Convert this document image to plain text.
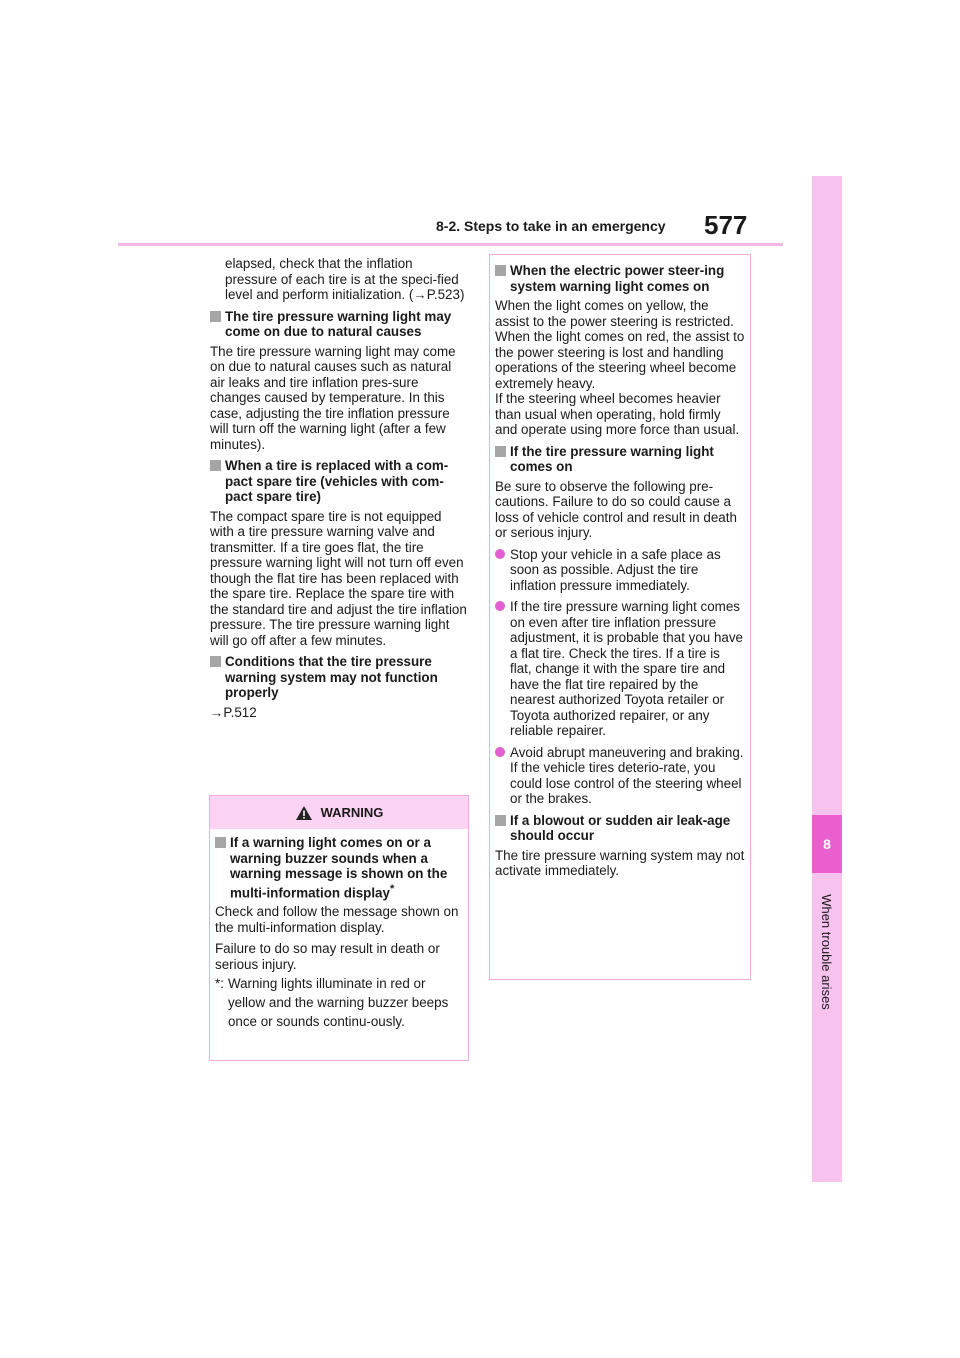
8-2. Steps to take in an emergency 577
8
When trouble arises

elapsed, check that the inflation pressure of each tire is at the speci-fied level and perform initialization. (→P.523)

The tire pressure warning light may come on due to natural causes

The tire pressure warning light may come on due to natural causes such as natural air leaks and tire inflation pres-sure changes caused by temperature. In this case, adjusting the tire inflation pressure will turn off the warning light (after a few minutes).

When a tire is replaced with a com-pact spare tire (vehicles with com-pact spare tire)

The compact spare tire is not equipped with a tire pressure warning valve and transmitter. If a tire goes flat, the tire pressure warning light will not turn off even though the flat tire has been replaced with the spare tire. Replace the spare tire with the standard tire and adjust the tire inflation pressure. The tire pressure warning light will go off after a few minutes.

Conditions that the tire pressure warning system may not function properly

→P.512

WARNING
If a warning light comes on or a warning buzzer sounds when a warning message is shown on the multi-information display*

Check and follow the message shown on the multi-information display.

Failure to do so may result in death or serious injury.

*: Warning lights illuminate in red or yellow and the warning buzzer beeps once or sounds continu-ously.
When the electric power steer-ing system warning light comes on

When the light comes on yellow, the assist to the power steering is restricted. When the light comes on red, the assist to the power steering is lost and handling operations of the steering wheel become extremely heavy.

If the steering wheel becomes heavier than usual when operating, hold firmly and operate using more force than usual.

If the tire pressure warning light comes on

Be sure to observe the following pre-cautions. Failure to do so could cause a loss of vehicle control and result in death or serious injury.

Stop your vehicle in a safe place as soon as possible. Adjust the tire inflation pressure immediately.
If the tire pressure warning light comes on even after tire inflation pressure adjustment, it is probable that you have a flat tire. Check the tires. If a tire is flat, change it with the spare tire and have the flat tire repaired by the nearest authorized Toyota retailer or Toyota authorized repairer, or any reliable repairer.
Avoid abrupt maneuvering and braking. If the vehicle tires deterio-rate, you could lose control of the steering wheel or the brakes.
If a blowout or sudden air leak-age should occur

The tire pressure warning system may not activate immediately.
